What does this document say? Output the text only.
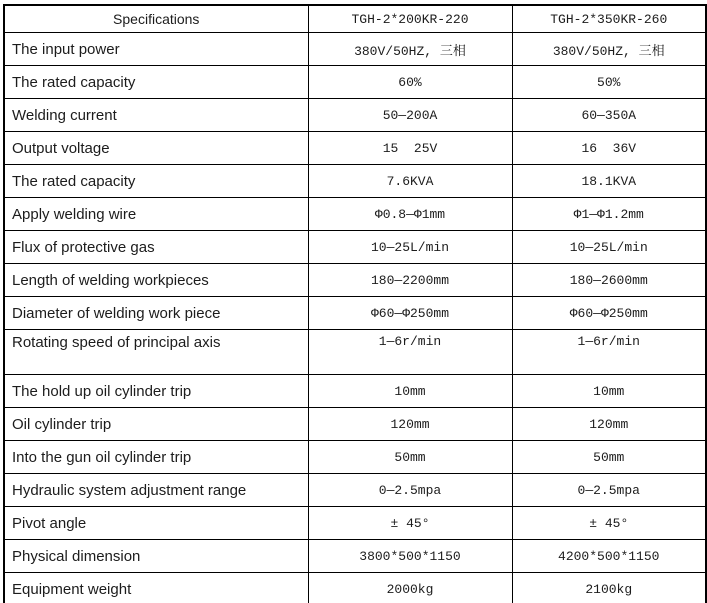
Specifications	TGH-2*200KR-220	TGH-2*350KR-260
The input power	380V/50HZ, 三相	380V/50HZ, 三相
The rated capacity	60%	50%
Welding current	50—200A	60—350A
Output voltage	15  25V	16  36V
The rated capacity	7.6KVA	18.1KVA
Apply welding wire	Φ0.8—Φ1mm	Φ1—Φ1.2mm
Flux of protective gas	10—25L/min	10—25L/min
Length of welding workpieces	180—2200mm	180—2600mm
Diameter of welding work piece	Φ60—Φ250mm	Φ60—Φ250mm
Rotating speed of principal axis	1—6r/min	1—6r/min
The hold up oil cylinder trip	10mm	10mm
Oil cylinder trip	120mm	120mm
Into the gun oil cylinder trip	50mm	50mm
Hydraulic system adjustment range	0—2.5mpa	0—2.5mpa
Pivot angle	± 45°	± 45°
Physical dimension	3800*500*1150	4200*500*1150
Equipment weight	2000kg	2100kg
